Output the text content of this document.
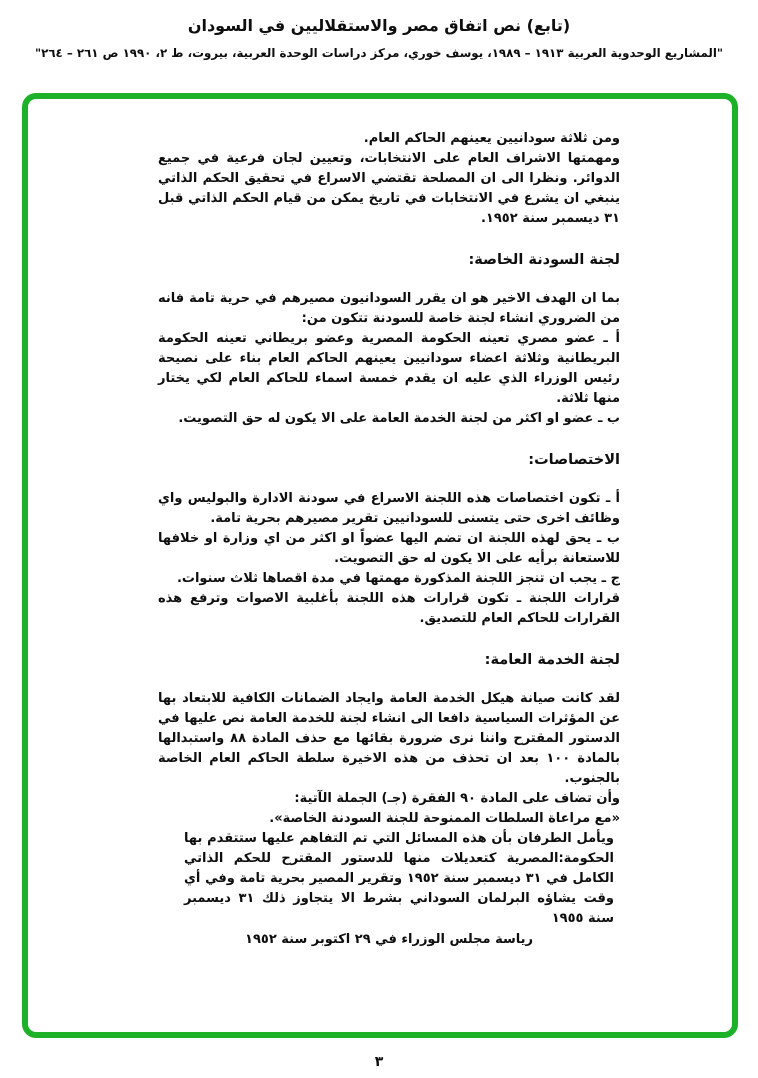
(تابع) نص اتفاق مصر والاستقلاليين في السودان
"المشاريع الوحدوية العربية ١٩١٣ – ١٩٨٩، يوسف خوري، مركز دراسات الوحدة العربية، بيروت، ط ٢، ١٩٩٠ ص ٢٦١ – ٢٦٤"
ومن ثلاثة سودانيين يعينهم الحاكم العام.
ومهمتها الاشراف العام على الانتخابات، وتعيين لجان فرعية في جميع الدوائر. ونظرا الى ان المصلحة تقتضي الاسراع في تحقيق الحكم الذاتي ينبغي ان يشرع في الانتخابات في تاريخ يمكن من قيام الحكم الذاتي قبل ٣١ ديسمبر سنة ١٩٥٢.
لجنة السودنة الخاصة:
بما ان الهدف الاخير هو ان يقرر السودانيون مصيرهم في حرية تامة فانه من الضروري انشاء لجنة خاصة للسودنة تتكون من:
أ ـ عضو مصري تعينه الحكومة المصرية وعضو بريطاني تعينه الحكومة البريطانية وثلاثة اعضاء سودانيين يعينهم الحاكم العام بناء على نصيحة رئيس الوزراء الذي عليه ان يقدم خمسة اسماء للحاكم العام لكي يختار منها ثلاثة.
ب ـ عضو او اكثر من لجنة الخدمة العامة على الا يكون له حق التصويت.
الاختصاصات:
أ ـ تكون اختصاصات هذه اللجنة الاسراع في سودنة الادارة والبوليس واي وظائف اخرى حتى يتسنى للسودانيين تقرير مصيرهم بحرية تامة.
ب ـ يحق لهذه اللجنة ان تضم اليها عضواً او اكثر من اي وزارة او خلافها للاستعانة برأيه على الا يكون له حق التصويت.
ج ـ يجب ان تنجز اللجنة المذكورة مهمتها في مدة اقصاها ثلاث سنوات.
قرارات اللجنة ـ تكون قرارات هذه اللجنة بأغلبية الاصوات وترفع هذه القرارات للحاكم العام للتصديق.
لجنة الخدمة العامة:
لقد كانت صيانة هيكل الخدمة العامة وايجاد الضمانات الكافية للابتعاد بها عن المؤثرات السياسية دافعا الى انشاء لجنة للخدمة العامة نص عليها في الدستور المقترح واننا نرى ضرورة بقائها مع حذف المادة ٨٨ واستبدالها بالمادة ١٠٠ بعد ان تحذف من هذه الاخيرة سلطة الحاكم العام الخاصة بالجنوب.
وأن تضاف على المادة ٩٠ الفقرة (جـ) الجملة الآتية:
«مع مراعاة السلطات الممنوحة للجنة السودنة الخاصة».
ويأمل الطرفان بأن هذه المسائل التي تم التفاهم عليها ستتقدم بها الحكومة:المصرية كتعديلات منها للدستور المقترح للحكم الذاتي الكامل في ٣١ ديسمبر سنة ١٩٥٢ وتقرير المصير بحرية تامة وفي أي وقت يشاؤه البرلمان السوداني بشرط الا يتجاوز ذلك ٣١ ديسمبر سنة ١٩٥٥
رياسة مجلس الوزراء في ٢٩ اكتوبر سنة ١٩٥٢
٣
